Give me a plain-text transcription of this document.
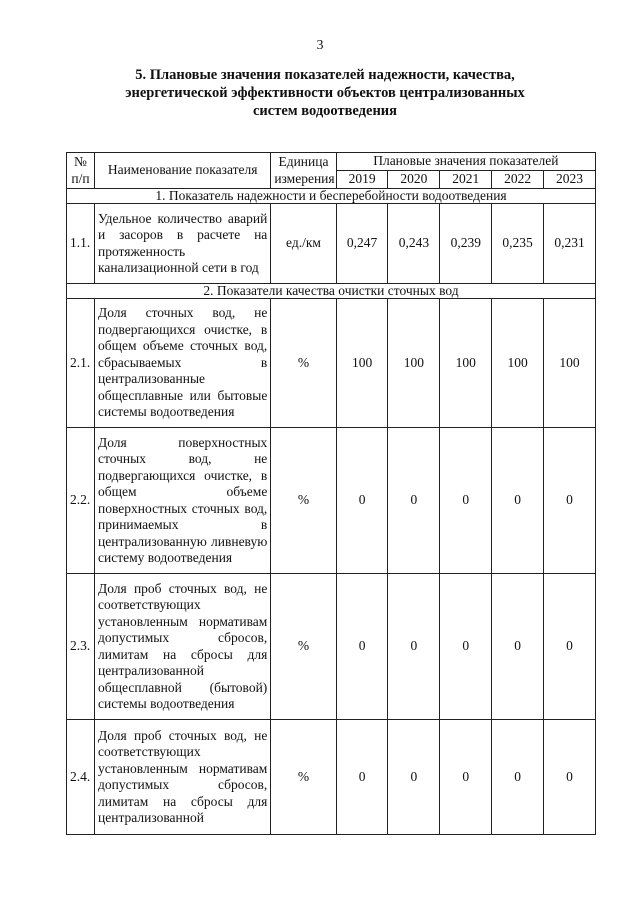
3
5. Плановые значения показателей надежности, качества,
энергетической эффективности объектов централизованных
систем водоотведения
№ п/п	Наименование показателя	Единица измерения	Плановые значения показателей				
			2019	2020	2021	2022	2023
1. Показатель надежности и бесперебойности водоотведения							
1.1.	Удельное количество аварий и засоров в расчете на протяженность канализационной сети в год	ед./км	0,247	0,243	0,239	0,235	0,231
2. Показатели качества очистки сточных вод							
2.1.	Доля сточных вод, не подвергающихся очистке, в общем объеме сточных вод, сбрасываемых в централизованные общесплавные или бытовые системы водоотведения	%	100	100	100	100	100
2.2.	Доля поверхностных сточных вод, не подвергающихся очистке, в общем объеме поверхностных сточных вод, принимаемых в централизованную ливневую систему водоотведения	%	0	0	0	0	0
2.3.	Доля проб сточных вод, не соответствующих установленным нормативам допустимых сбросов, лимитам на сбросы для централизованной общесплавной (бытовой) системы водоотведения	%	0	0	0	0	0
2.4.	Доля проб сточных вод, не соответствующих установленным нормативам допустимых сбросов, лимитам на сбросы для централизованной	%	0	0	0	0	0
